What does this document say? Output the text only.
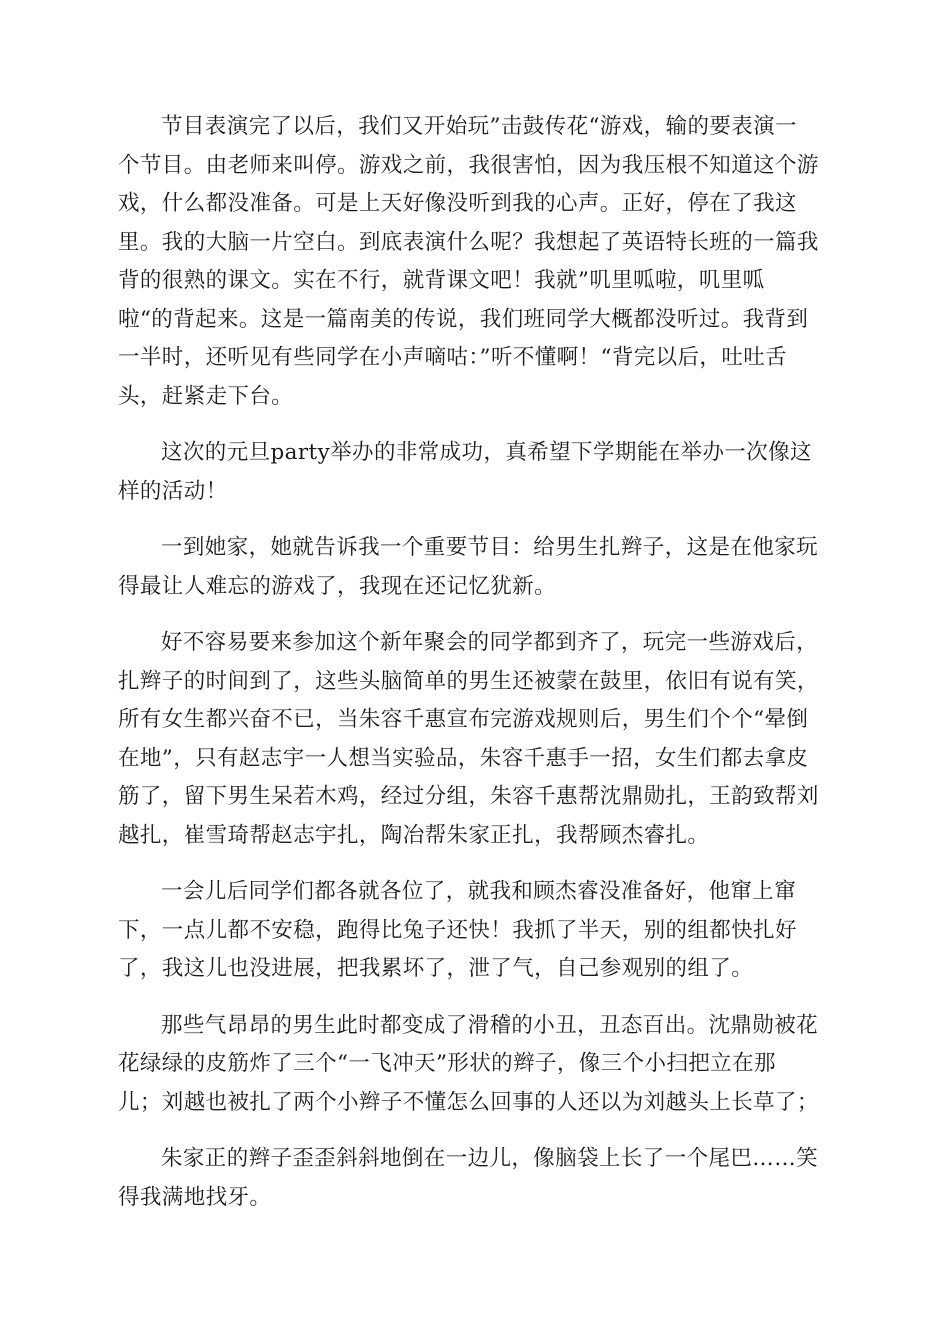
节目表演完了以后，我们又开始玩”击鼓传花“游戏，输的要表演一
个节目。由老师来叫停。游戏之前，我很害怕，因为我压根不知道这个游
戏，什么都没准备。可是上天好像没听到我的心声。正好，停在了我这
里。我的大脑一片空白。到底表演什么呢？我想起了英语特长班的一篇我
背的很熟的课文。实在不行，就背课文吧！我就”叽里呱啦，叽里呱
啦“的背起来。这是一篇南美的传说，我们班同学大概都没听过。我背到
一半时，还听见有些同学在小声嘀咕：”听不懂啊！“背完以后，吐吐舌
头，赶紧走下台。
这次的元旦party举办的非常成功，真希望下学期能在举办一次像这
样的活动！
一到她家，她就告诉我一个重要节目：给男生扎辫子，这是在他家玩
得最让人难忘的游戏了，我现在还记忆犹新。
好不容易要来参加这个新年聚会的同学都到齐了，玩完一些游戏后，
扎辫子的时间到了，这些头脑简单的男生还被蒙在鼓里，依旧有说有笑，
所有女生都兴奋不已，当朱容千惠宣布完游戏规则后，男生们个个“晕倒
在地”，只有赵志宇一人想当实验品，朱容千惠手一招，女生们都去拿皮
筋了，留下男生呆若木鸡，经过分组，朱容千惠帮沈鼎勋扎，王韵致帮刘
越扎，崔雪琦帮赵志宇扎，陶冶帮朱家正扎，我帮顾杰睿扎。
一会儿后同学们都各就各位了，就我和顾杰睿没准备好，他窜上窜
下，一点儿都不安稳，跑得比兔子还快！我抓了半天，别的组都快扎好
了，我这儿也没进展，把我累坏了，泄了气，自己参观别的组了。
那些气昂昂的男生此时都变成了滑稽的小丑，丑态百出。沈鼎勋被花
花绿绿的皮筋炸了三个“一飞冲天”形状的辫子，像三个小扫把立在那
儿；刘越也被扎了两个小辫子不懂怎么回事的人还以为刘越头上长草了；
朱家正的辫子歪歪斜斜地倒在一边儿，像脑袋上长了一个尾巴……笑
得我满地找牙。
